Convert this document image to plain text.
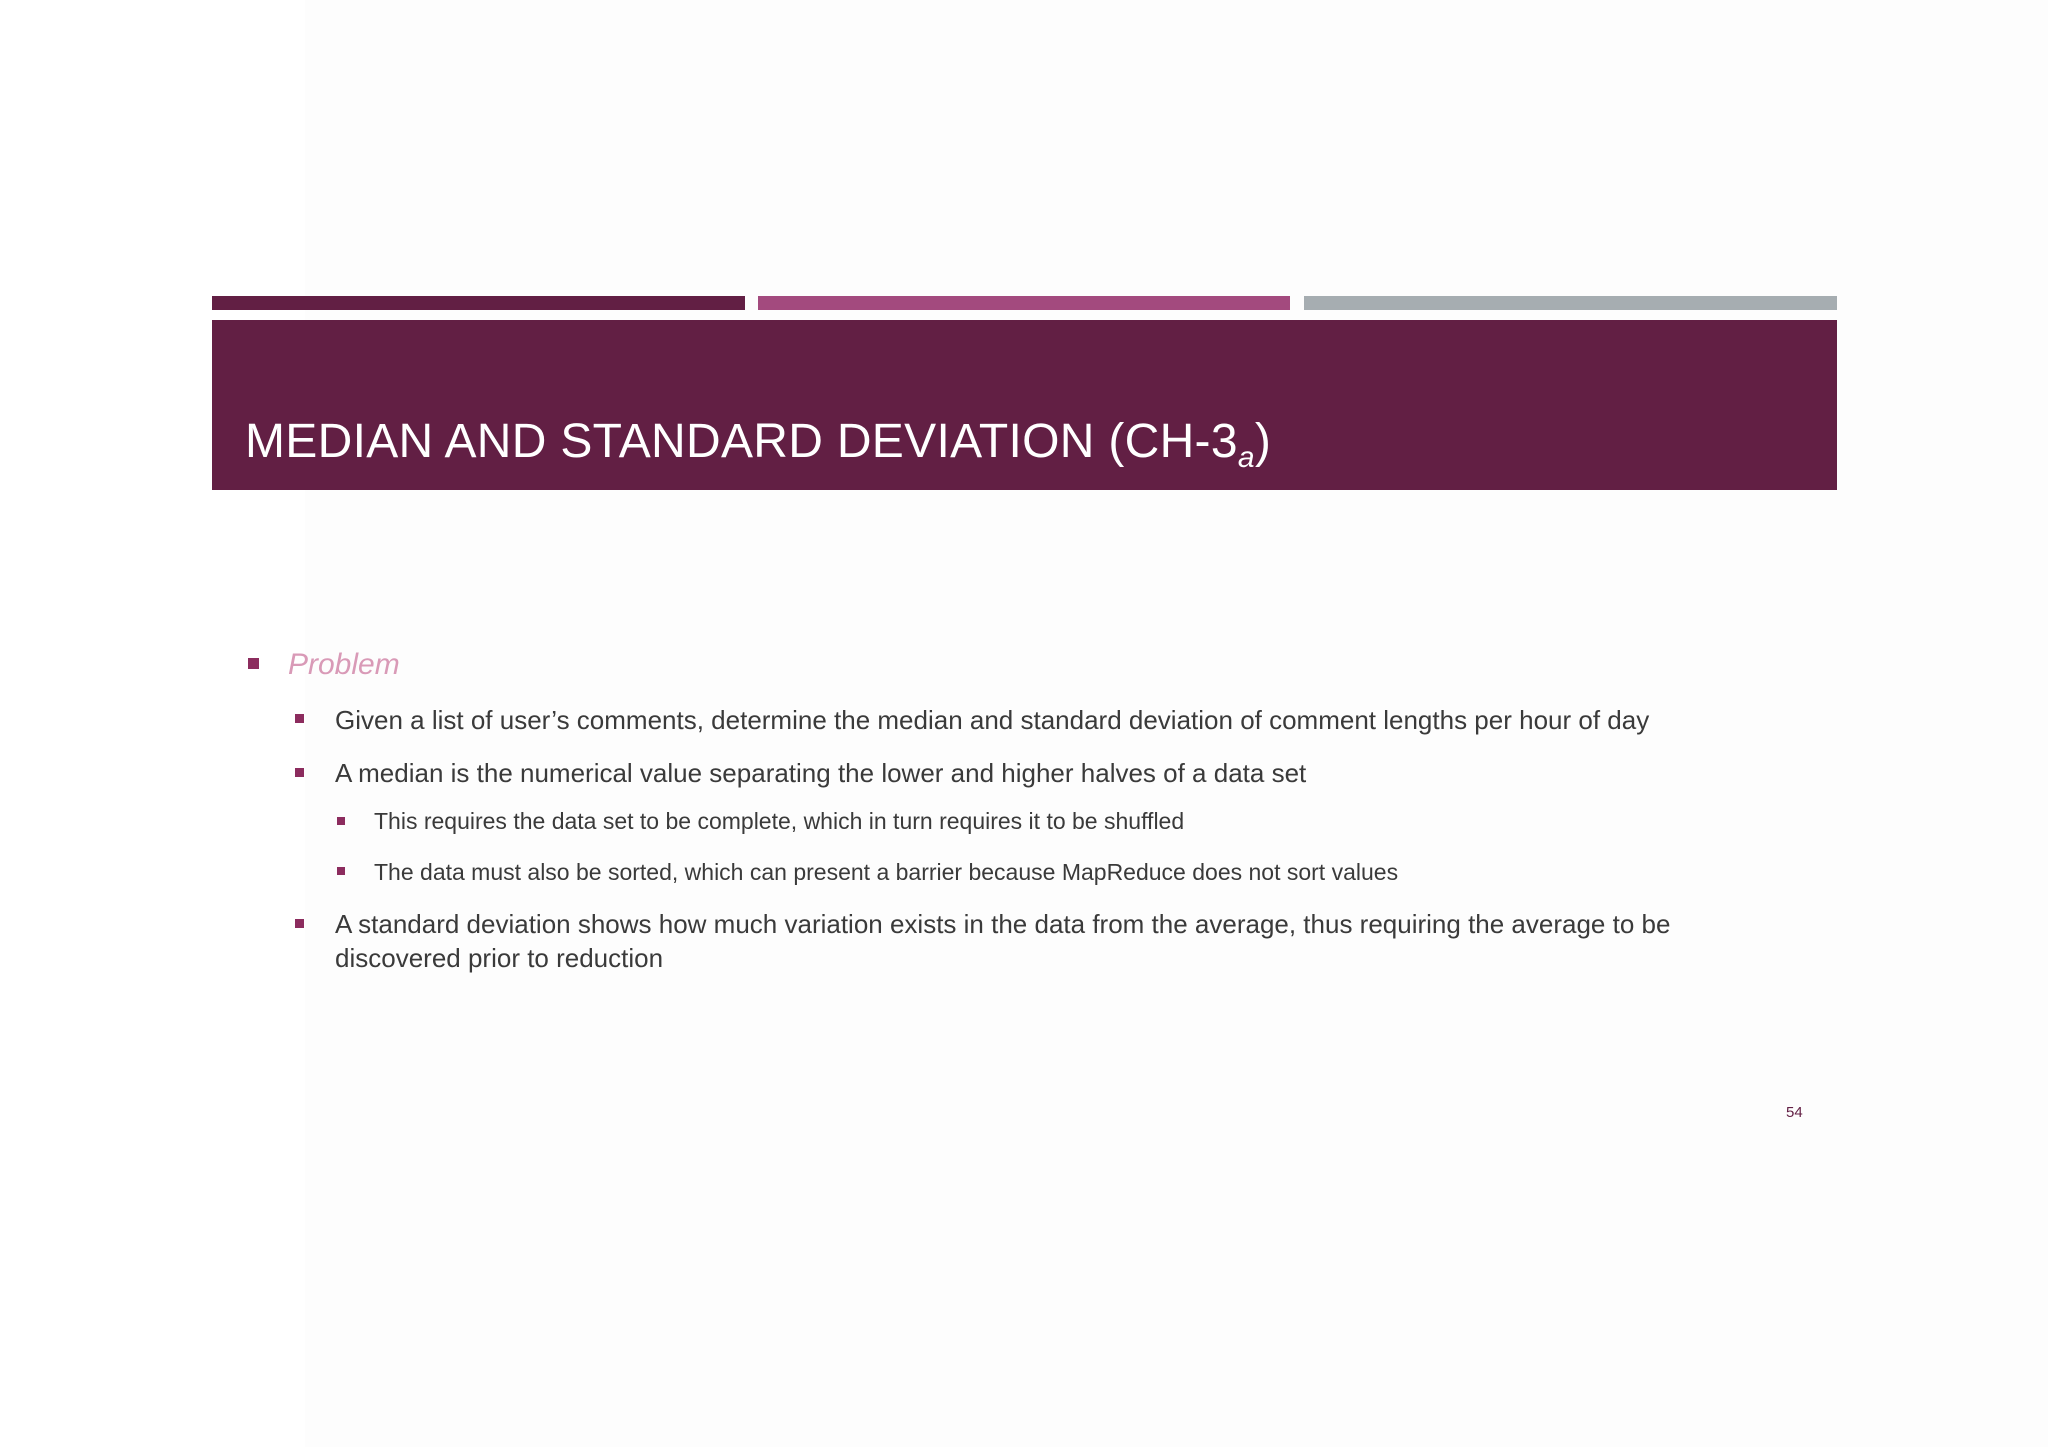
MEDIAN AND STANDARD DEVIATION $(CH-3_a)$
Problem
Given a list of user’s comments, determine the median and standard deviation of comment lengths per hour of day
A median is the numerical value separating the lower and higher halves of a data set
This requires the data set to be complete, which in turn requires it to be shuffled
The data must also be sorted, which can present a barrier because MapReduce does not sort values
A standard deviation shows how much variation exists in the data from the average, thus requiring the average to be
discovered prior to reduction
54
